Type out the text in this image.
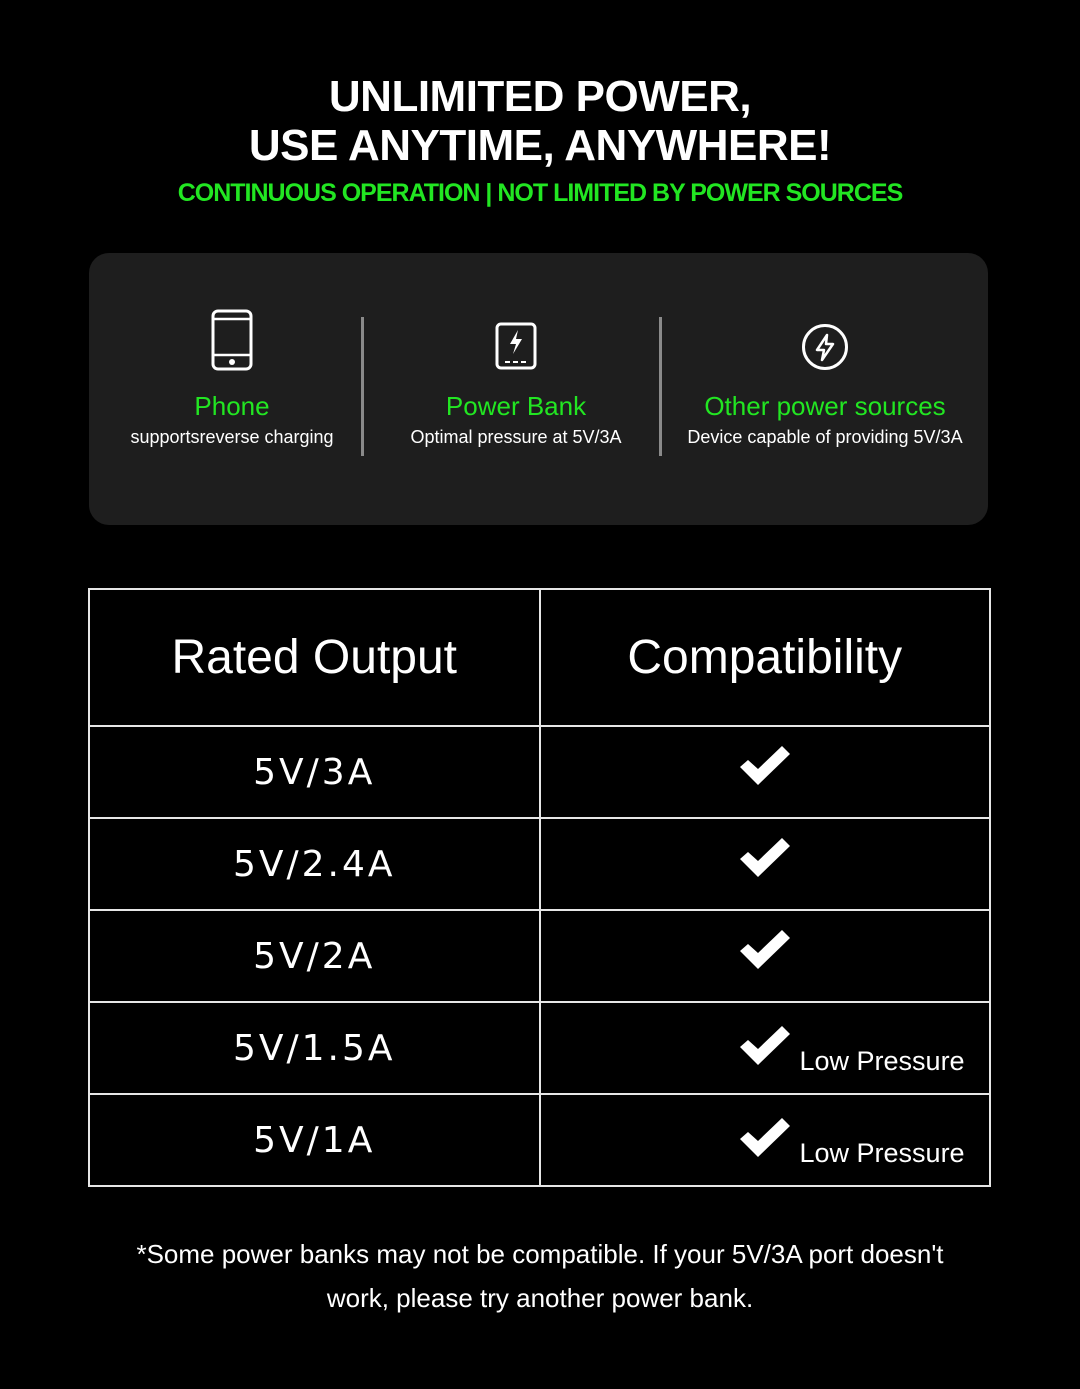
UNLIMITED POWER,
USE ANYTIME, ANYWHERE!
CONTINUOUS OPERATION | NOT LIMITED BY POWER SOURCES
Phone
supportsreverse charging
Power Bank
Optimal pressure at 5V/3A
Other power sources
Device capable of providing 5V/3A
Rated Output	Compatibility
5V/3A	

5V/2.4A	

5V/2A	

5V/1.5A	Low Pressure

5V/1A	Low Pressure
*Some power banks may not be compatible. If your 5V/3A port doesn't
work, please try another power bank.
